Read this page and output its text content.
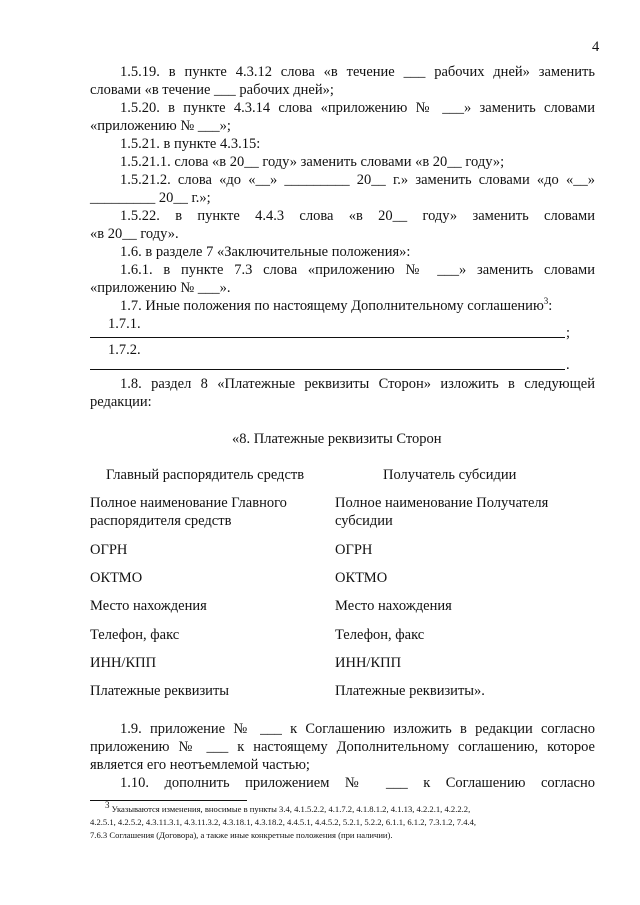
4
1.5.19. в пункте 4.3.12 слова «в течение ___ рабочих дней» заменить
словами «в течение ___ рабочих дней»;
1.5.20. в пункте 4.3.14 слова «приложению № ___» заменить словами
«приложению № ___»;
1.5.21. в пункте 4.3.15:
1.5.21.1. слова «в 20__ году» заменить словами «в 20__ году»;
1.5.21.2. слова «до «__» _________ 20__ г.» заменить словами «до «__»
_________ 20__ г.»;
1.5.22. в пункте 4.4.3 слова «в 20__ году» заменить словами
«в 20__ году».
1.6. в разделе 7 «Заключительные положения»:
1.6.1. в пункте 7.3 слова «приложению № ___» заменить словами
«приложению № ___».
1.7. Иные положения по настоящему Дополнительному соглашению$^3$:
1.7.1.
;
1.7.2.
.
1.8. раздел 8 «Платежные реквизиты Сторон» изложить в следующей
редакции:
«8. Платежные реквизиты Сторон
Главный распорядитель средств	Получатель субсидии
Полное наименование Главного
распорядителя средств
ОГРН
ОКТМО
Место нахождения
Телефон, факс
ИНН/КПП
Платежные реквизиты
Полное наименование Получателя
субсидии
ОГРН
ОКТМО
Место нахождения
Телефон, факс
ИНН/КПП
Платежные реквизиты».
1.9. приложение № ___ к Соглашению изложить в редакции согласно
приложению № ___ к настоящему Дополнительному соглашению, которое
является его неотъемлемой частью;
1.10. дополнить приложением № ___ к Соглашению согласно
$^3$ Указываются изменения, вносимые в пункты 3.4, 4.1.5.2.2, 4.1.7.2, 4.1.8.1.2, 4.1.13, 4.2.2.1, 4.2.2.2,
4.2.5.1, 4.2.5.2, 4.3.11.3.1, 4.3.11.3.2, 4.3.18.1, 4.3.18.2, 4.4.5.1, 4.4.5.2, 5.2.1, 5.2.2, 6.1.1, 6.1.2, 7.3.1.2, 7.4.4,
7.6.3 Соглашения (Договора), а также иные конкретные положения (при наличии).
